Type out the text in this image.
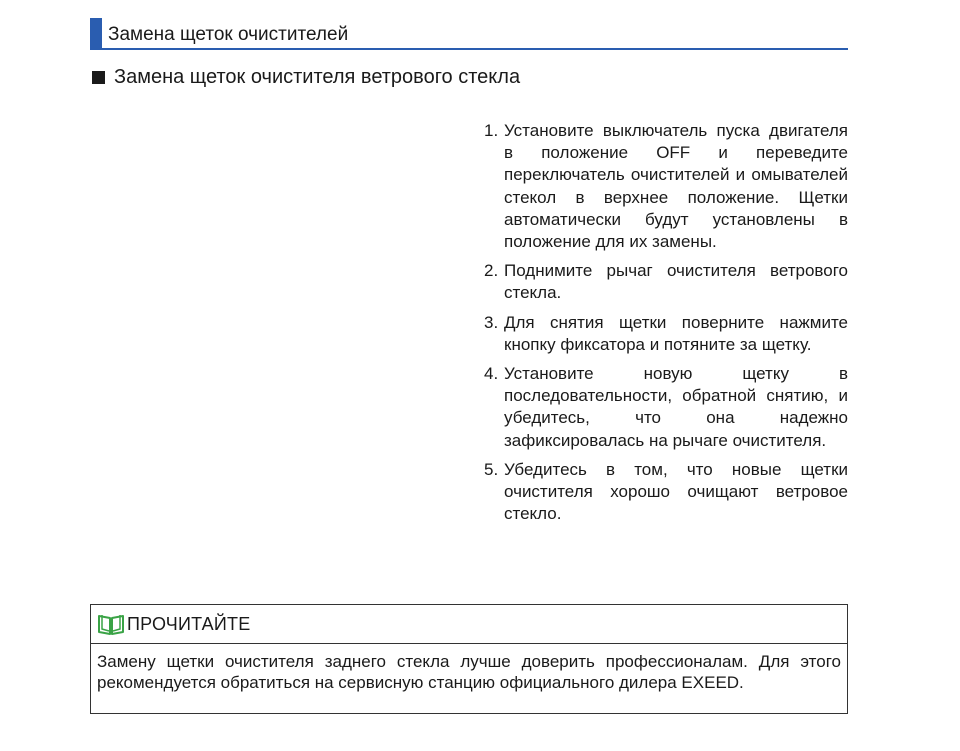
Замена щеток очистителей
Замена щеток очистителя ветрового стекла
1. Установите выключатель пуска двигателя в положение OFF и переведите переключатель очистителей и омывателей стекол в верхнее положение. Щетки автоматически будут установлены в положение для их замены.
2. Поднимите рычаг очистителя ветрового стекла.
3. Для снятия щетки поверните нажмите кнопку фиксатора и потяните за щетку.
4. Установите новую щетку в последовательности, обратной снятию, и убедитесь, что она надежно зафиксировалась на рычаге очистителя.
5. Убедитесь в том, что новые щетки очистителя хорошо очищают ветровое стекло.
ПРОЧИТАЙТЕ
Замену щетки очистителя заднего стекла лучше доверить профессионалам. Для этого рекомендуется обратиться на сервисную станцию официального дилера EXEED.
